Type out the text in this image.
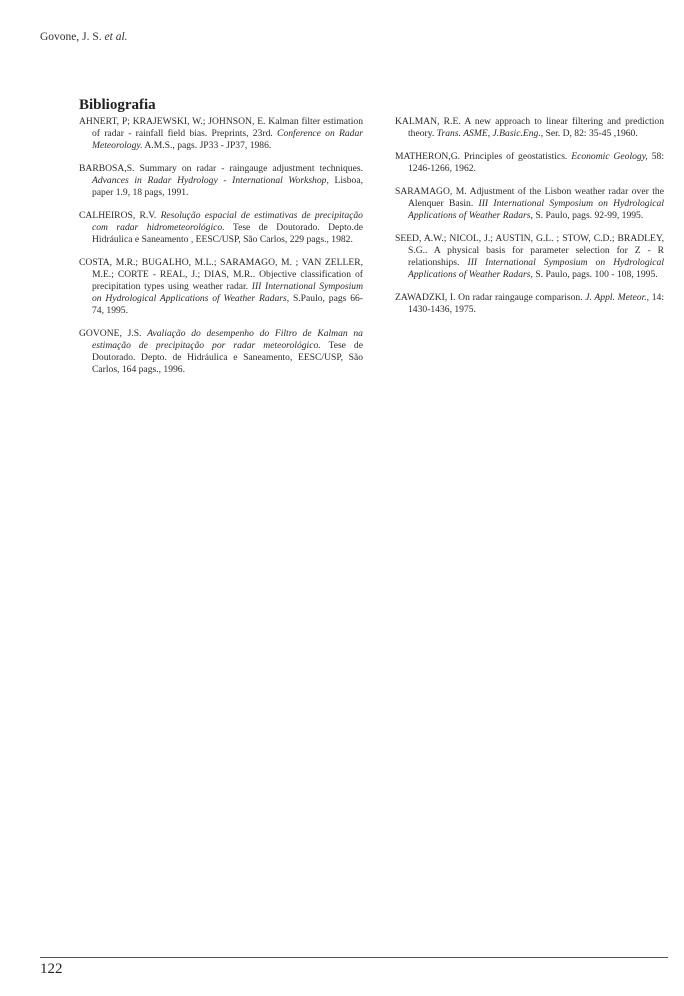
Govone, J. S. et al.
Bibliografia

AHNERT, P; KRAJEWSKI, W.; JOHNSON, E. Kalman filter estimation of radar - rainfall field bias. Preprints, 23rd. Conference on Radar Meteorology. A.M.S., pags. JP33 - JP37, 1986.

BARBOSA,S. Summary on radar - raingauge adjustment techniques. Advances in Radar Hydrology - International Workshop, Lisboa, paper 1.9, 18 pags, 1991.

CALHEIROS, R.V. Resolução espacial de estimativas de precipitação com radar hidrometeorológico. Tese de Doutorado. Depto.de Hidráulica e Saneamento , EESC/USP, São Carlos, 229 pags., 1982.

COSTA, M.R.; BUGALHO, M.L.; SARAMAGO, M. ; VAN ZELLER, M.E.; CORTE - REAL, J.; DIAS, M.R.. Objective classification of precipitation types using weather radar. III International Symposium on Hydrological Applications of Weather Radars, S.Paulo, pags 66-74, 1995.

GOVONE, J.S. Avaliação do desempenho do Filtro de Kalman na estimação de precipitação por radar meteorológico. Tese de Doutorado. Depto. de Hidráulica e Saneamento, EESC/USP, São Carlos, 164 pags., 1996.

KALMAN, R.E. A new approach to linear filtering and prediction theory. Trans. ASME, J.Basic.Eng., Ser. D, 82: 35-45 ,1960.

MATHERON,G. Principles of geostatistics. Economic Geology, 58: 1246-1266, 1962.

SARAMAGO, M. Adjustment of the Lisbon weather radar over the Alenquer Basin. III International Symposium on Hydrological Applications of Weather Radars, S. Paulo, pags. 92-99, 1995.

SEED, A.W.; NICOL, J.; AUSTIN, G.L. ; STOW, C.D.; BRADLEY, S.G.. A physical basis for parameter selection for Z - R relationships. III International Symposium on Hydrological Applications of Weather Radars, S. Paulo, pags. 100 - 108, 1995.

ZAWADZKI, I. On radar raingauge comparison. J. Appl. Meteor., 14: 1430-1436, 1975.

122
